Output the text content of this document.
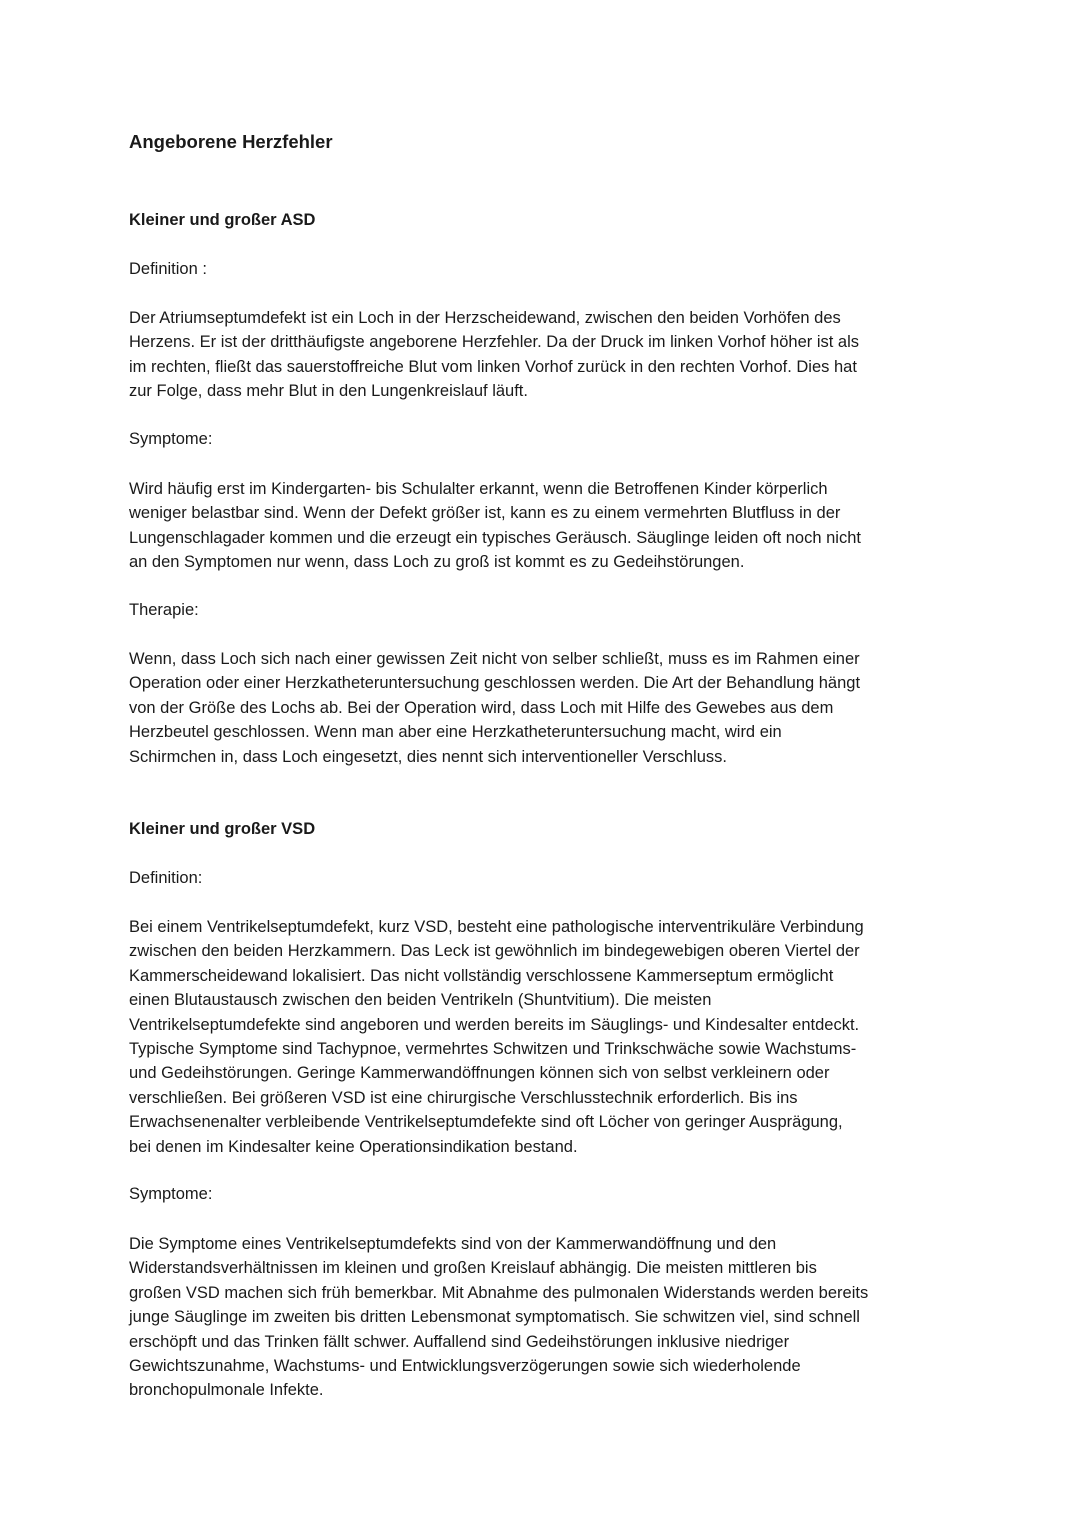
Angeborene Herzfehler
Kleiner und großer ASD

Definition :

Der Atriumseptumdefekt ist ein Loch in der Herzscheidewand, zwischen den beiden Vorhöfen des
Herzens. Er ist der dritthäufigste angeborene Herzfehler. Da der Druck im linken Vorhof höher ist als
im rechten, fließt das sauerstoffreiche Blut vom linken Vorhof zurück in den rechten Vorhof. Dies hat
zur Folge, dass mehr Blut in den Lungenkreislauf läuft.

Symptome:

Wird häufig erst im Kindergarten- bis Schulalter erkannt, wenn die Betroffenen Kinder körperlich
weniger belastbar sind. Wenn der Defekt größer ist, kann es zu einem vermehrten Blutfluss in der
Lungenschlagader kommen und die erzeugt ein typisches Geräusch. Säuglinge leiden oft noch nicht
an den Symptomen nur wenn, dass Loch zu groß ist kommt es zu Gedeihstörungen.

Therapie:

Wenn, dass Loch sich nach einer gewissen Zeit nicht von selber schließt, muss es im Rahmen einer
Operation oder einer Herzkatheteruntersuchung geschlossen werden. Die Art der Behandlung hängt
von der Größe des Lochs ab. Bei der Operation wird, dass Loch mit Hilfe des Gewebes aus dem
Herzbeutel geschlossen. Wenn man aber eine Herzkatheteruntersuchung macht, wird ein
Schirmchen in, dass Loch eingesetzt, dies nennt sich interventioneller Verschluss.

Kleiner und großer VSD

Definition:

Bei einem Ventrikelseptumdefekt, kurz VSD, besteht eine pathologische interventrikuläre Verbindung
zwischen den beiden Herzkammern. Das Leck ist gewöhnlich im bindegewebigen oberen Viertel der
Kammerscheidewand lokalisiert. Das nicht vollständig verschlossene Kammerseptum ermöglicht
einen Blutaustausch zwischen den beiden Ventrikeln (Shuntvitium). Die meisten
Ventrikelseptumdefekte sind angeboren und werden bereits im Säuglings- und Kindesalter entdeckt.
Typische Symptome sind Tachypnoe, vermehrtes Schwitzen und Trinkschwäche sowie Wachstums-
und Gedeihstörungen. Geringe Kammerwandöffnungen können sich von selbst verkleinern oder
verschließen. Bei größeren VSD ist eine chirurgische Verschlusstechnik erforderlich. Bis ins
Erwachsenenalter verbleibende Ventrikelseptumdefekte sind oft Löcher von geringer Ausprägung,
bei denen im Kindesalter keine Operationsindikation bestand.

Symptome:

Die Symptome eines Ventrikelseptumdefekts sind von der Kammerwandöffnung und den
Widerstandsverhältnissen im kleinen und großen Kreislauf abhängig. Die meisten mittleren bis
großen VSD machen sich früh bemerkbar. Mit Abnahme des pulmonalen Widerstands werden bereits
junge Säuglinge im zweiten bis dritten Lebensmonat symptomatisch. Sie schwitzen viel, sind schnell
erschöpft und das Trinken fällt schwer. Auffallend sind Gedeihstörungen inklusive niedriger
Gewichtszunahme, Wachstums- und Entwicklungsverzögerungen sowie sich wiederholende
bronchopulmonale Infekte.
